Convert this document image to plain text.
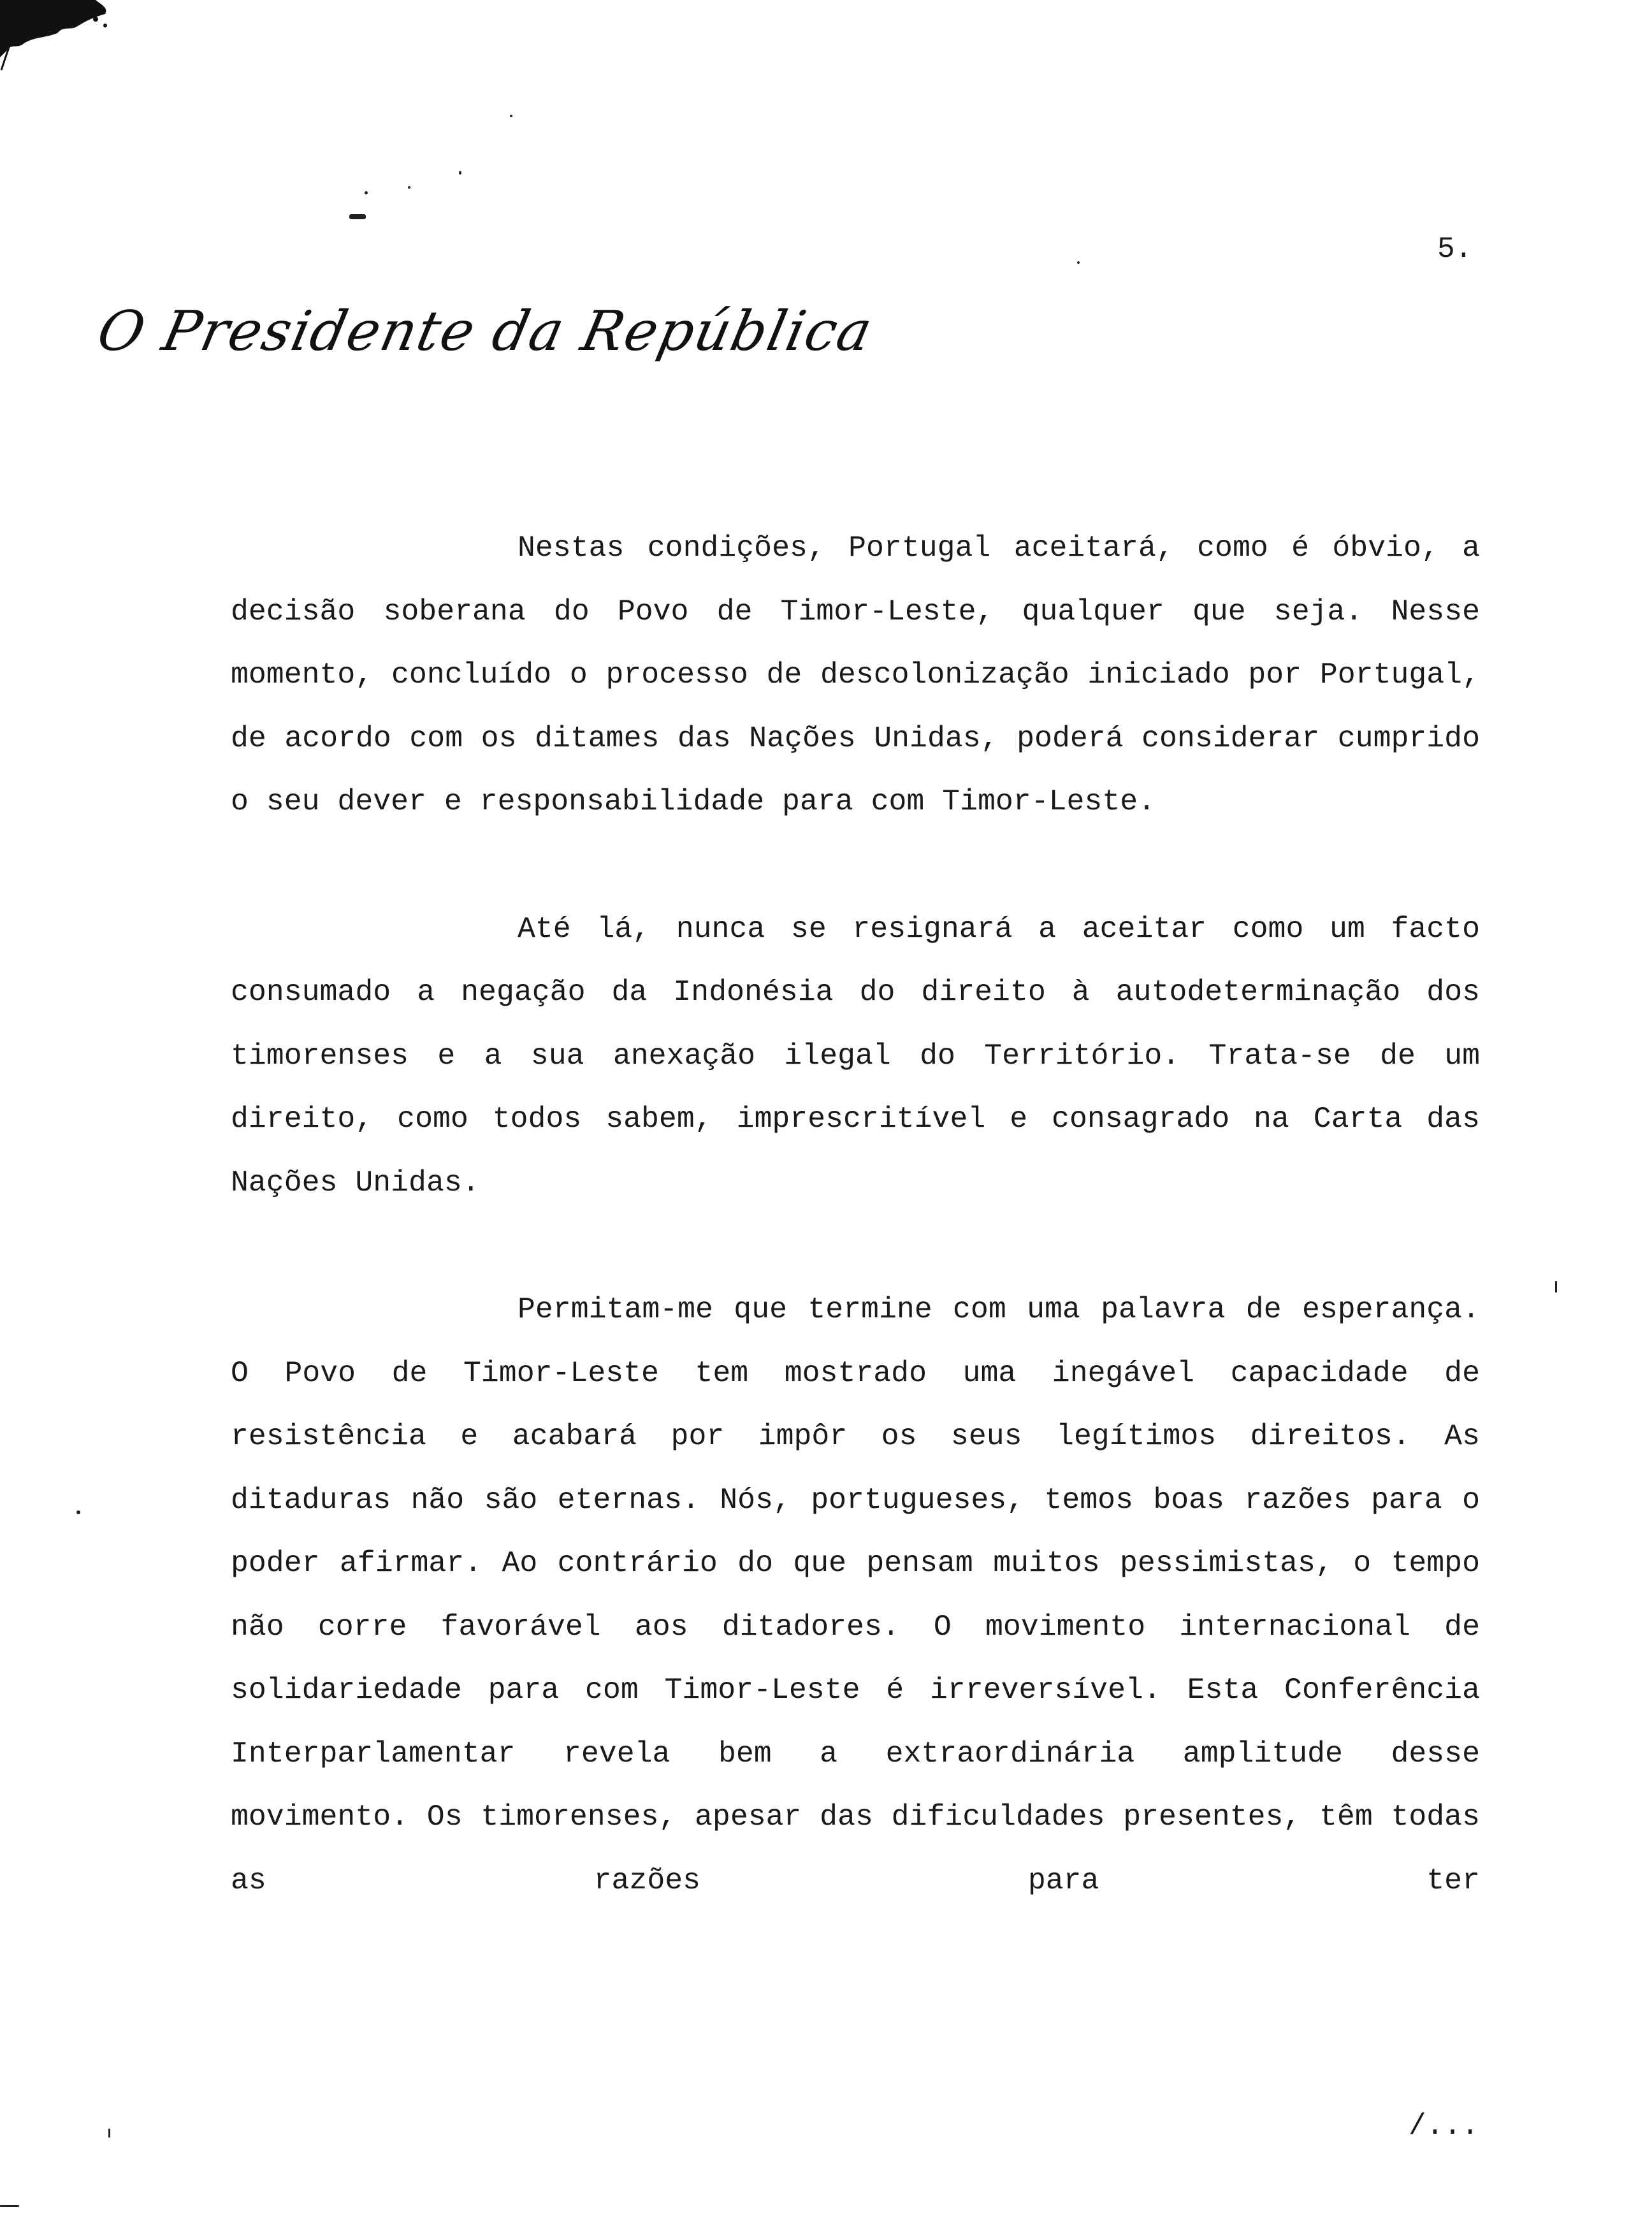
O Presidente da República
5.

Nestas condições, Portugal aceitará, como é óbvio, a decisão soberana do Povo de Timor-Leste, qualquer que seja. Nesse momento, concluído o processo de descolonização iniciado por Portugal, de acordo com os ditames das Nações Unidas, poderá considerar cumprido o seu dever e responsabilidade para com Timor-Leste.

Até lá, nunca se resignará a aceitar como um facto consumado a negação da Indonésia do direito à autodeterminação dos timorenses e a sua anexação ilegal do Território. Trata-se de um direito, como todos sabem, imprescritível e consagrado na Carta das Nações Unidas.

Permitam-me que termine com uma palavra de esperança. O Povo de Timor-Leste tem mostrado uma inegável capacidade de resistência e acabará por impôr os seus legítimos direitos. As ditaduras não são eternas. Nós, portugueses, temos boas razões para o poder afirmar. Ao contrário do que pensam muitos pessimistas, o tempo não corre favorável aos ditadores. O movimento internacional de solidariedade para com Timor-Leste é irreversível. Esta Conferência Interparlamentar revela bem a extraordinária amplitude desse movimento. Os timorenses, apesar das dificuldades presentes, têm todas as razões para ter

/...
